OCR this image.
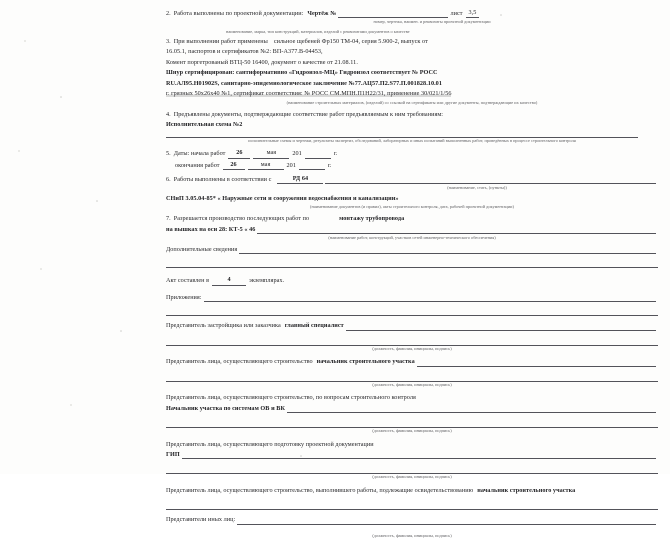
2. Работа выполнены по проектной документации: Чертёж №	лист 3,5
номер, чертежа, наимен. и реквизиты проектной документации
наименование, марка, тип конструкций, материалов, изделий с реквизитами документов о качестве
3. При выполнении работ применены сильное щебеней Фр150 ТМ-04, серия 5.900-2, выпуск от
16.05.1, паспортов и сертификатов №2: ВП-А377.В-04453,
Комент поргетрованый ВТЦ-50 16400, документ о качестве от 21.08.11.
Шнур сертифицирован: сантиформативно «Гидроизол-МЦ» Гидроизол соответствует № РОСС
RU.АЛ95.H01902S, санитарно-эпидемиологическое заключение №77.АЦ57.П2.S77.П.001828.10.01
г. грязных 50х26х40 №1, сертификат соответствия: № РОСС СМ.МПН.П1Н22/31, применение 30/021/1/56
(наименование строительных материалов, (изделий) со ссылкой на сертификаты или другие документы, подтверждающие их качество)
4. Предъявлены документы, подтверждающие соответствие работ предъявляемым к ним требованиям:
Исполнительная схема №2
исполнительные схемы и чертежи, результаты экспертиз, обследований, лабораторных и иных испытаний выполненных работ, проведённых в процессе строительного контроля
5. Даты: начала работ	26	мая	201	г.
окончания работ	26	мая	201	г.
6. Работы выполнены в соответствии с	РД 64
(наименование, стать, (пункты))
СНиП 3.05.04-85* « Наружные сети и сооружения водоснабжения и канализации»
(наименование документов (и правил), акты строительного контроля, дата, рабочей проектной документации)
7. Разрешается производство последующих работ по	монтажу трубопровода
на вышках на оси 28: КТ-5 « 46
(наименование работ, конструкций, участков сетей инженерно-технического обеспечения)
Дополнительные сведения
Акт составлен в	4	экземплярах.
Приложения:
Представитель застройщика или заказчика главный специалист
(должность, фамилия, инициалы, подпись)
Представитель лица, осуществляющего строительство начальник строительного участка
(должность, фамилия, инициалы, подпись)
Представитель лица, осуществляющего строительство, по вопросам строительного контроля
Начальник участка по системам ОВ и ВК
(должность, фамилия, инициалы, подпись)
Представитель лица, осуществляющего подготовку проектной документации
ГИП
(должность, фамилия, инициалы, подпись)
Представитель лица, осуществляющего строительство, выполнившего работы, подлежащие освидетельствованию начальник строительного участка
Представители иных лиц:
(должность, фамилия, инициалы, подпись)
